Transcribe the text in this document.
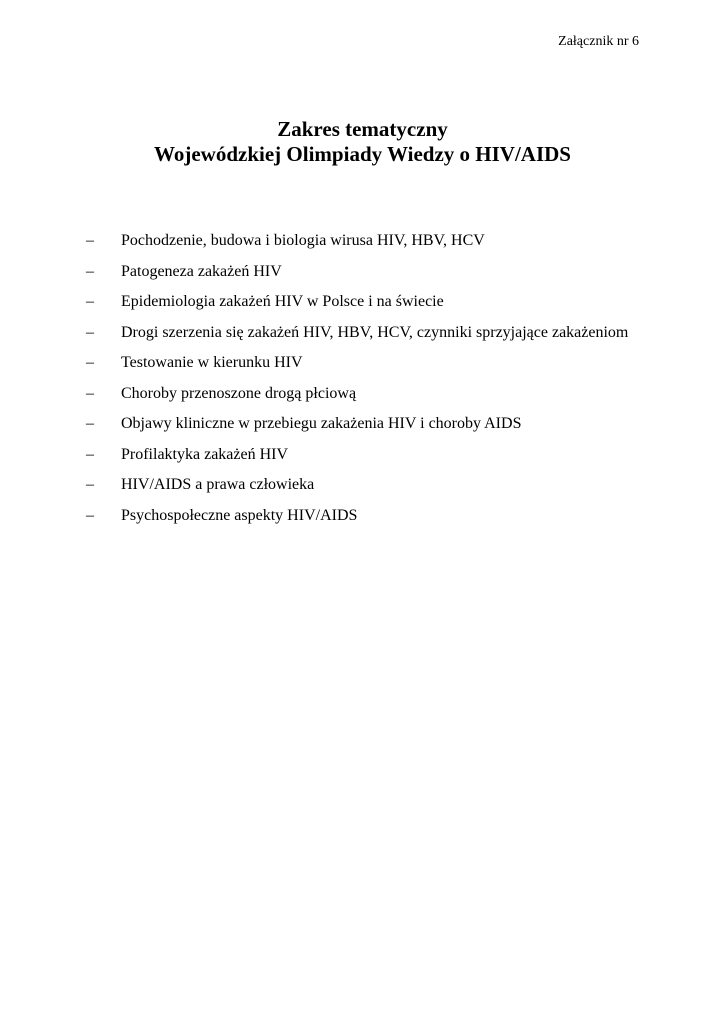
Załącznik nr 6
Zakres tematyczny
Wojewódzkiej Olimpiady Wiedzy o HIV/AIDS
– Pochodzenie, budowa i biologia wirusa HIV, HBV, HCV
– Patogeneza zakażeń HIV
– Epidemiologia zakażeń HIV w Polsce i na świecie
– Drogi szerzenia się zakażeń HIV, HBV, HCV, czynniki sprzyjające zakażeniom
– Testowanie w kierunku HIV
– Choroby przenoszone drogą płciową
– Objawy kliniczne w przebiegu zakażenia HIV i choroby AIDS
– Profilaktyka zakażeń HIV
– HIV/AIDS a prawa człowieka
– Psychospołeczne aspekty HIV/AIDS
